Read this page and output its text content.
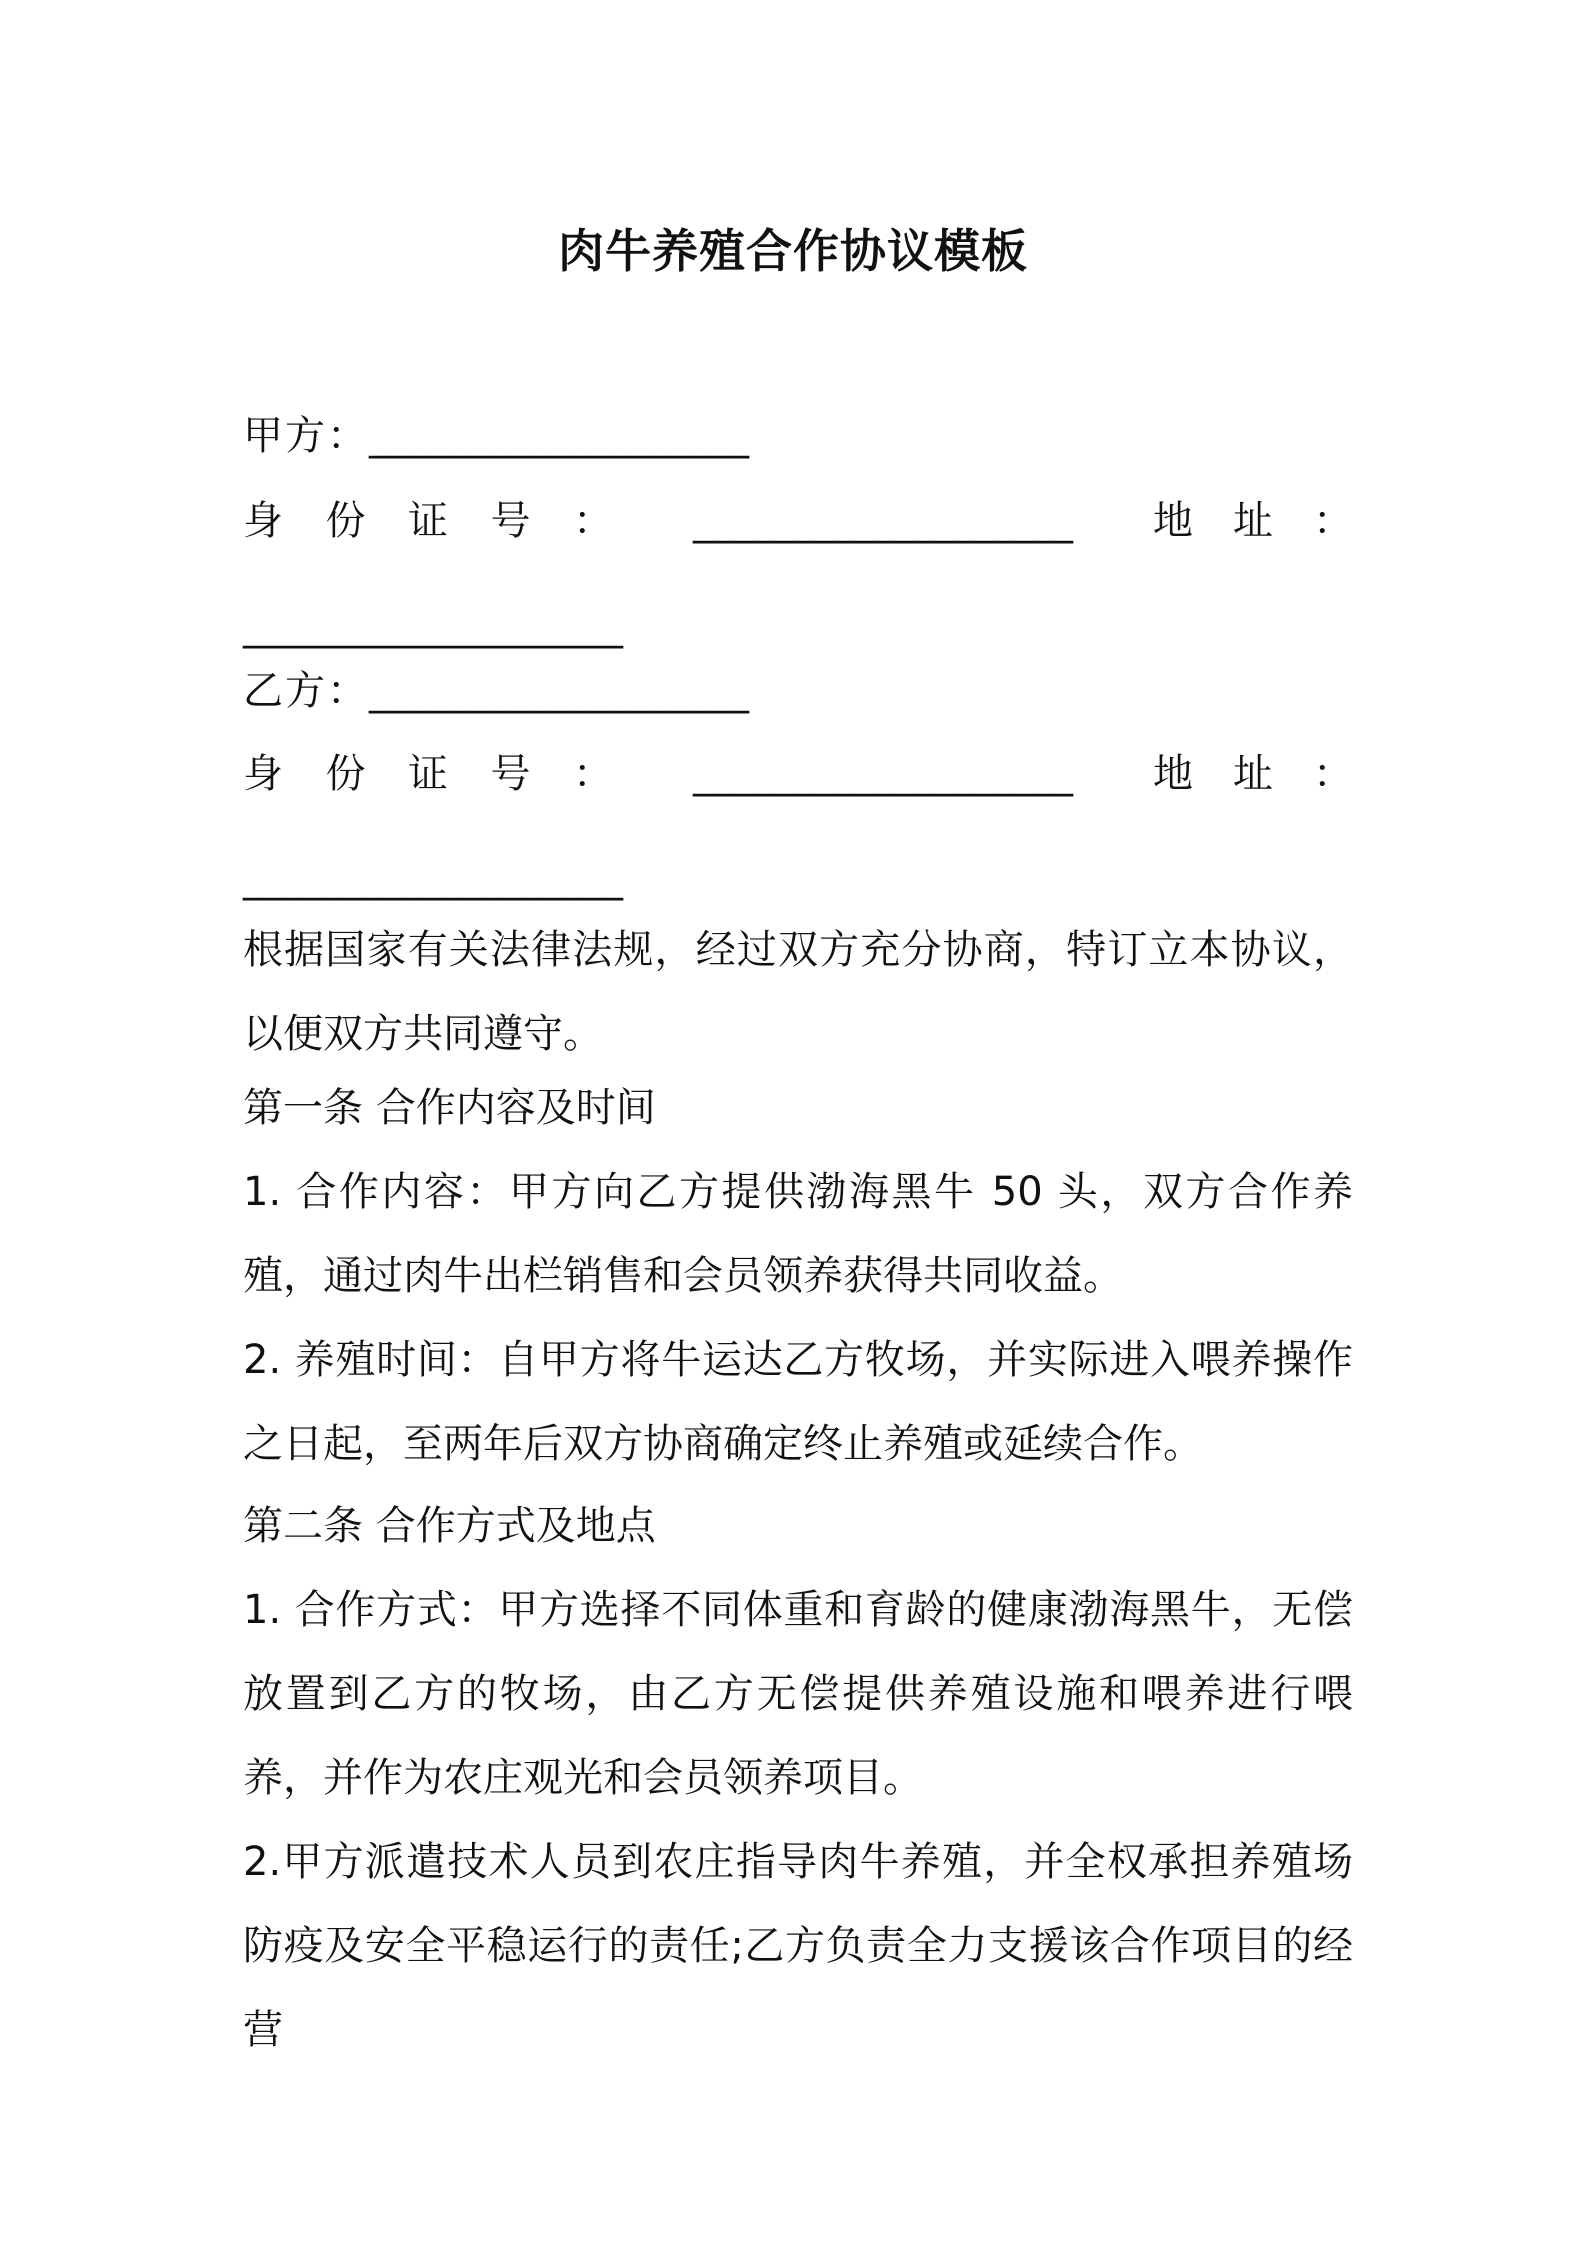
肉牛养殖合作协议模板
甲方：___________________
身 份 证 号 ： ___________________ 地 址 ：
___________________
乙方：___________________
身 份 证 号 ： ___________________ 地 址 ：
___________________
根据国家有关法律法规，经过双方充分协商，特订立本协议，以便双方共同遵守。
第一条 合作内容及时间
1. 合作内容：甲方向乙方提供渤海黑牛 50 头，双方合作养殖，通过肉牛出栏销售和会员领养获得共同收益。
2. 养殖时间：自甲方将牛运达乙方牧场，并实际进入喂养操作之日起，至两年后双方协商确定终止养殖或延续合作。
第二条 合作方式及地点
1. 合作方式：甲方选择不同体重和育龄的健康渤海黑牛，无偿放置到乙方的牧场，由乙方无偿提供养殖设施和喂养进行喂养，并作为农庄观光和会员领养项目。
2.甲方派遣技术人员到农庄指导肉牛养殖，并全权承担养殖场防疫及安全平稳运行的责任;乙方负责全力支援该合作项目的经营
